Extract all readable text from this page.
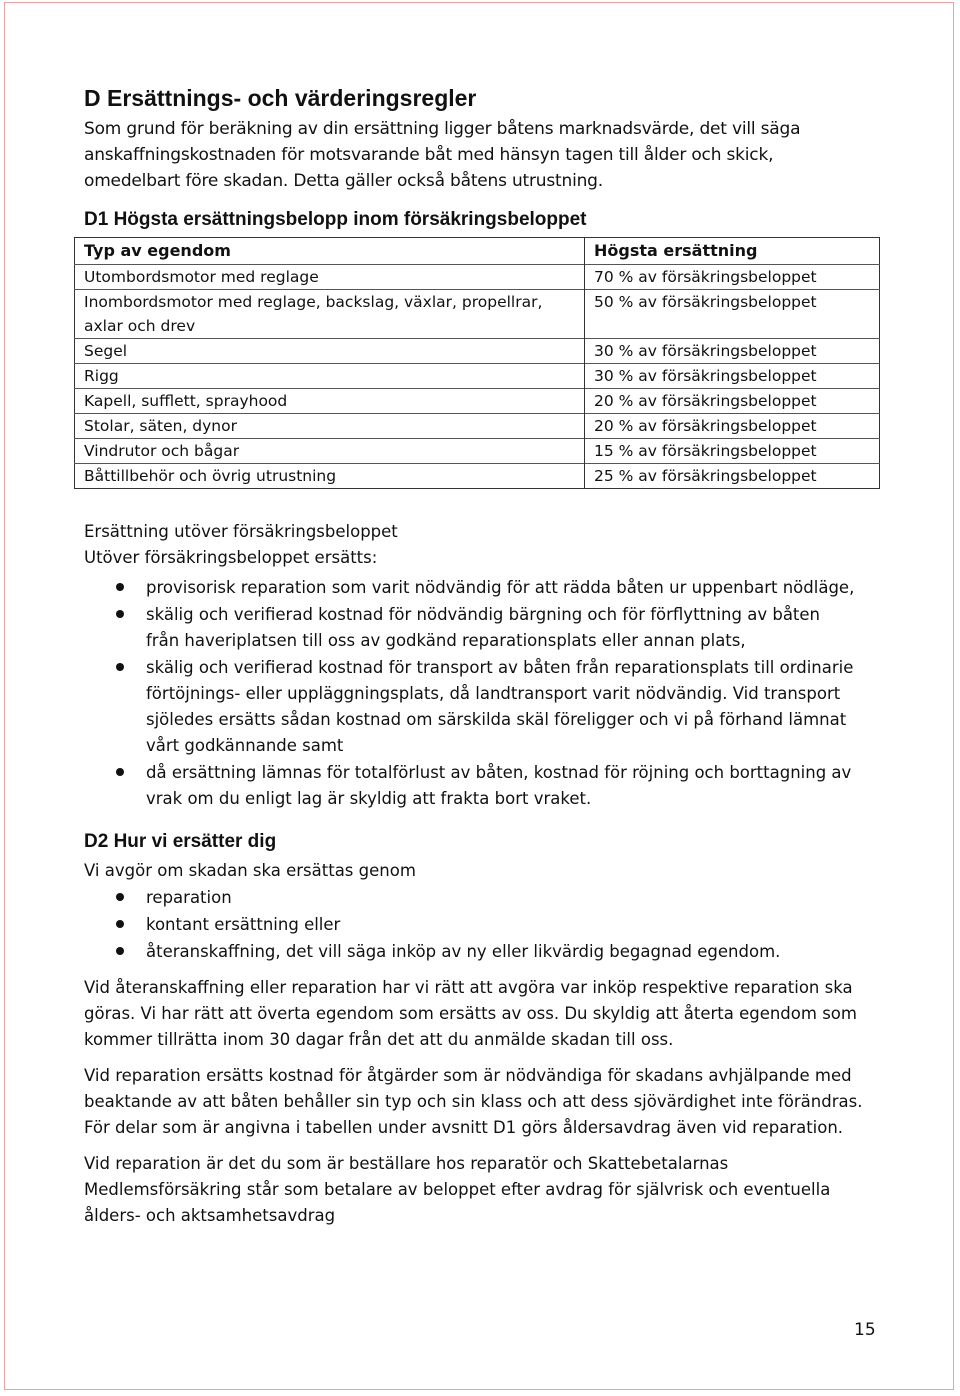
D Ersättnings- och värderingsregler

Som grund för beräkning av din ersättning ligger båtens marknadsvärde, det vill säga
anskaffningskostnaden för motsvarande båt med hänsyn tagen till ålder och skick,
omedelbart före skadan. Detta gäller också båtens utrustning.

D1 Högsta ersättningsbelopp inom försäkringsbeloppet
Typ av egendom	Högsta ersättning
Utombordsmotor med reglage	70 % av försäkringsbeloppet
Inombordsmotor med reglage, backslag, växlar, propellrar, axlar och drev	50 % av försäkringsbeloppet
Segel	30 % av försäkringsbeloppet
Rigg	30 % av försäkringsbeloppet
Kapell, sufflett, sprayhood	20 % av försäkringsbeloppet
Stolar, säten, dynor	20 % av försäkringsbeloppet
Vindrutor och bågar	15 % av försäkringsbeloppet
Båttillbehör och övrig utrustning	25 % av försäkringsbeloppet

Ersättning utöver försäkringsbeloppet

Utöver försäkringsbeloppet ersätts:

provisorisk reparation som varit nödvändig för att rädda båten ur uppenbart nödläge,
skälig och verifierad kostnad för nödvändig bärgning och för förflyttning av båten
från haveriplatsen till oss av godkänd reparationsplats eller annan plats,
skälig och verifierad kostnad för transport av båten från reparationsplats till ordinarie
förtöjnings- eller uppläggningsplats, då landtransport varit nödvändig. Vid transport
sjöledes ersätts sådan kostnad om särskilda skäl föreligger och vi på förhand lämnat
vårt godkännande samt
då ersättning lämnas för totalförlust av båten, kostnad för röjning och borttagning av
vrak om du enligt lag är skyldig att frakta bort vraket.
D2 Hur vi ersätter dig

Vi avgör om skadan ska ersättas genom

reparation
kontant ersättning eller
återanskaffning, det vill säga inköp av ny eller likvärdig begagnad egendom.

Vid återanskaffning eller reparation har vi rätt att avgöra var inköp respektive reparation ska
göras. Vi har rätt att överta egendom som ersätts av oss. Du skyldig att återta egendom som
kommer tillrätta inom 30 dagar från det att du anmälde skadan till oss.

Vid reparation ersätts kostnad för åtgärder som är nödvändiga för skadans avhjälpande med
beaktande av att båten behåller sin typ och sin klass och att dess sjövärdighet inte förändras.
För delar som är angivna i tabellen under avsnitt D1 görs åldersavdrag även vid reparation.

Vid reparation är det du som är beställare hos reparatör och Skattebetalarnas
Medlemsförsäkring står som betalare av beloppet efter avdrag för självrisk och eventuella
ålders- och aktsamhetsavdrag

15
